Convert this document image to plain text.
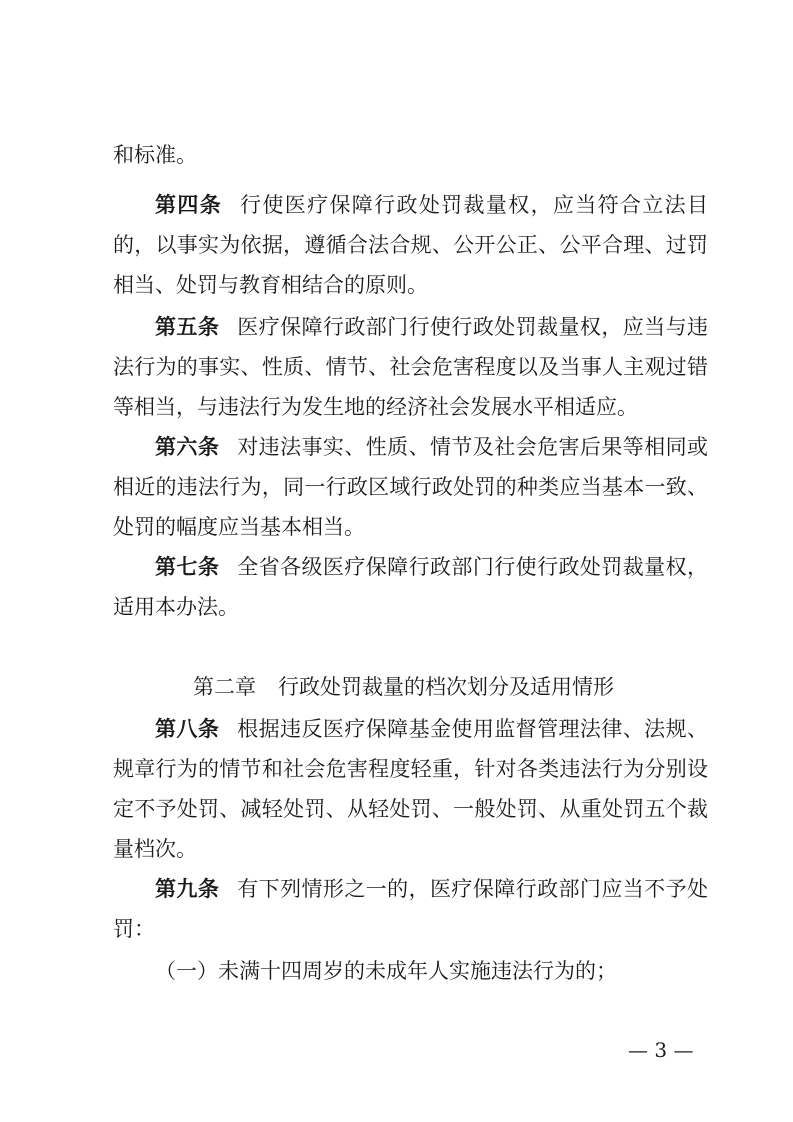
和标准。
第四条 行使医疗保障行政处罚裁量权，应当符合立法目
的，以事实为依据，遵循合法合规、公开公正、公平合理、过罚
相当、处罚与教育相结合的原则。
第五条 医疗保障行政部门行使行政处罚裁量权，应当与违
法行为的事实、性质、情节、社会危害程度以及当事人主观过错
等相当，与违法行为发生地的经济社会发展水平相适应。
第六条 对违法事实、性质、情节及社会危害后果等相同或
相近的违法行为，同一行政区域行政处罚的种类应当基本一致、
处罚的幅度应当基本相当。
第七条 全省各级医疗保障行政部门行使行政处罚裁量权，
适用本办法。
第二章 行政处罚裁量的档次划分及适用情形
第八条 根据违反医疗保障基金使用监督管理法律、法规、
规章行为的情节和社会危害程度轻重，针对各类违法行为分别设
定不予处罚、减轻处罚、从轻处罚、一般处罚、从重处罚五个裁
量档次。
第九条 有下列情形之一的，医疗保障行政部门应当不予处
罚：
（一）未满十四周岁的未成年人实施违法行为的；
— 3 —
